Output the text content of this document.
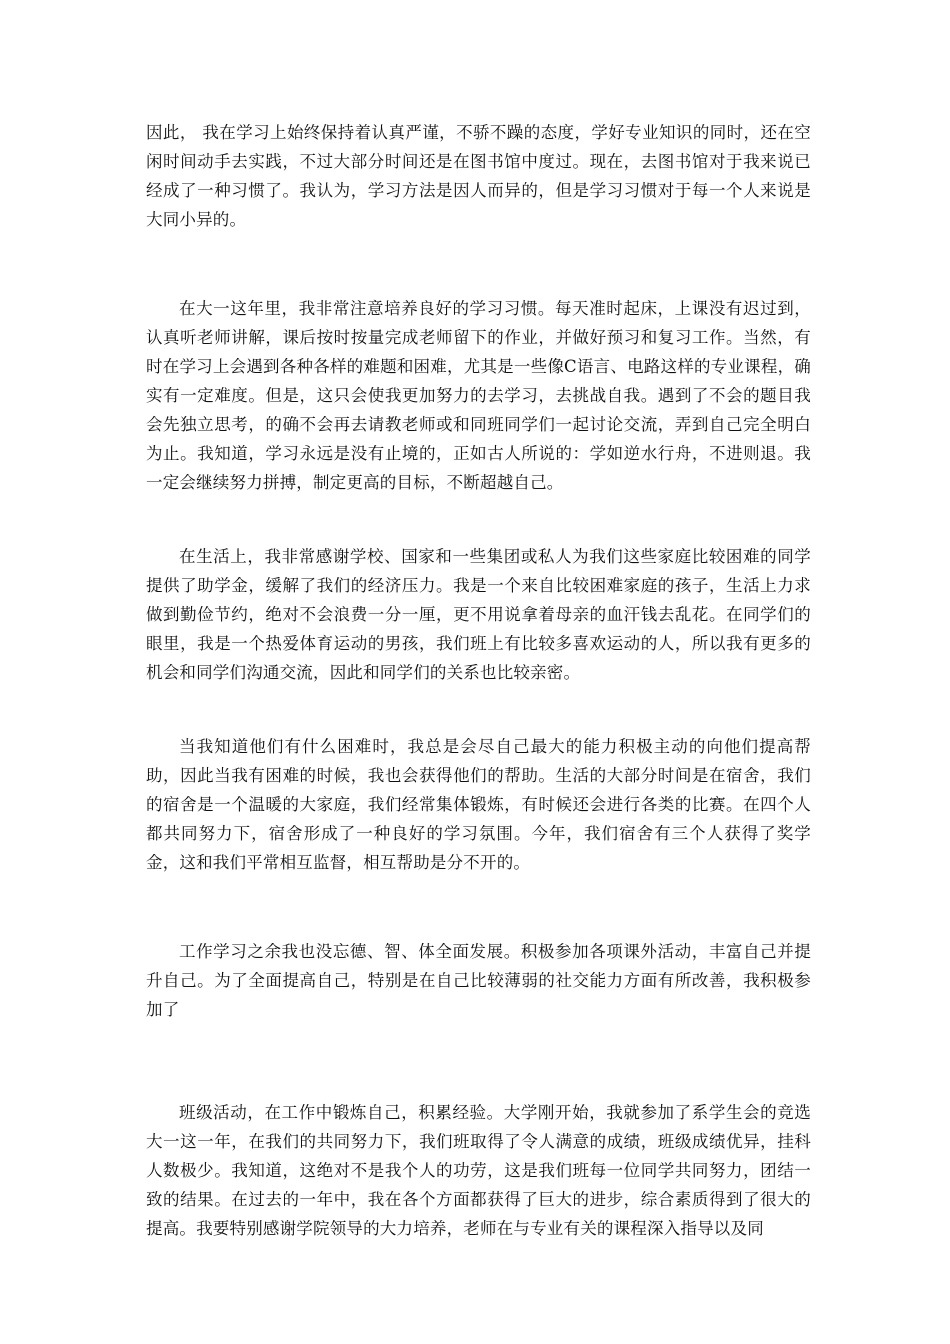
因此， 我在学习上始终保持着认真严谨，不骄不躁的态度，学好专业知识的同时，还在空闲时间动手去实践，不过大部分时间还是在图书馆中度过。现在，去图书馆对于我来说已经成了一种习惯了。我认为，学习方法是因人而异的，但是学习习惯对于每一个人来说是大同小异的。

在大一这年里，我非常注意培养良好的学习习惯。每天准时起床，上课没有迟过到，认真听老师讲解，课后按时按量完成老师留下的作业，并做好预习和复习工作。当然，有时在学习上会遇到各种各样的难题和困难，尤其是一些像C语言、电路这样的专业课程，确实有一定难度。但是，这只会使我更加努力的去学习，去挑战自我。遇到了不会的题目我会先独立思考，的确不会再去请教老师或和同班同学们一起讨论交流，弄到自己完全明白为止。我知道，学习永远是没有止境的，正如古人所说的：学如逆水行舟，不进则退。我一定会继续努力拼搏，制定更高的目标，不断超越自己。

在生活上，我非常感谢学校、国家和一些集团或私人为我们这些家庭比较困难的同学提供了助学金，缓解了我们的经济压力。我是一个来自比较困难家庭的孩子，生活上力求做到勤俭节约，绝对不会浪费一分一厘，更不用说拿着母亲的血汗钱去乱花。在同学们的眼里，我是一个热爱体育运动的男孩，我们班上有比较多喜欢运动的人，所以我有更多的机会和同学们沟通交流，因此和同学们的关系也比较亲密。

当我知道他们有什么困难时，我总是会尽自己最大的能力积极主动的向他们提高帮助，因此当我有困难的时候，我也会获得他们的帮助。生活的大部分时间是在宿舍，我们的宿舍是一个温暖的大家庭，我们经常集体锻炼，有时候还会进行各类的比赛。在四个人都共同努力下，宿舍形成了一种良好的学习氛围。今年，我们宿舍有三个人获得了奖学金，这和我们平常相互监督，相互帮助是分不开的。

工作学习之余我也没忘德、智、体全面发展。积极参加各项课外活动，丰富自己并提升自己。为了全面提高自己，特别是在自己比较薄弱的社交能力方面有所改善，我积极参加了

班级活动，在工作中锻炼自己，积累经验。大学刚开始，我就参加了系学生会的竞选大一这一年，在我们的共同努力下，我们班取得了令人满意的成绩，班级成绩优异，挂科人数极少。我知道，这绝对不是我个人的功劳，这是我们班每一位同学共同努力，团结一致的结果。在过去的一年中，我在各个方面都获得了巨大的进步，综合素质得到了很大的提高。我要特别感谢学院领导的大力培养，老师在与专业有关的课程深入指导以及同
